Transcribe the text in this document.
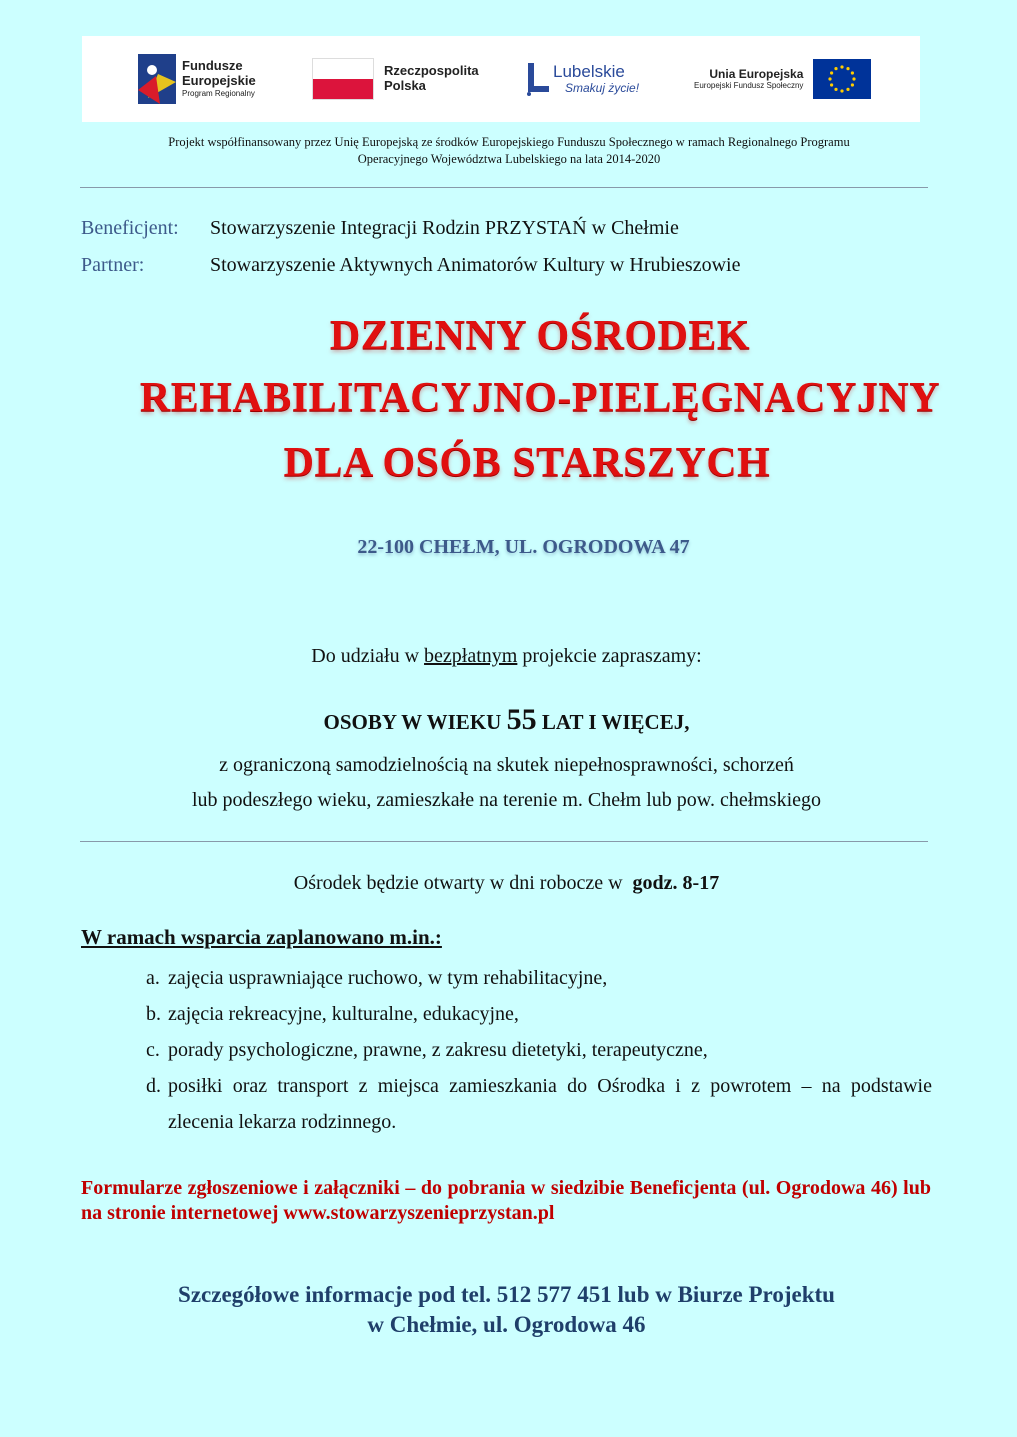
Fundusze
Europejskie
Program Regionalny
Rzeczpospolita
Polska
Lubelskie
Smakuj życie!
Unia Europejska
Europejski Fundusz Społeczny
Projekt współfinansowany przez Unię Europejską ze środków Europejskiego Funduszu Społecznego w ramach Regionalnego Programu
Operacyjnego Województwa Lubelskiego na lata 2014-2020
Beneficjent: Stowarzyszenie Integracji Rodzin PRZYSTAŃ w Chełmie
Partner:	Stowarzyszenie Aktywnych Animatorów Kultury w Hrubieszowie
DZIENNY OŚRODEK
REHABILITACYJNO-PIELĘGNACYJNY
DLA OSÓB STARSZYCH
22-100 CHEŁM, UL. OGRODOWA 47
Do udziału w bezpłatnym projekcie zapraszamy:
OSOBY W WIEKU 55 LAT I WIĘCEJ,
z ograniczoną samodzielnością na skutek niepełnosprawności, schorzeń
lub podeszłego wieku, zamieszkałe na terenie m. Chełm lub pow. chełmskiego
Ośrodek będzie otwarty w dni robocze w godz. 8-17
W ramach wsparcia zaplanowano m.in.:
a. zajęcia usprawniające ruchowo, w tym rehabilitacyjne,
b. zajęcia rekreacyjne, kulturalne, edukacyjne,
c. porady psychologiczne, prawne, z zakresu dietetyki, terapeutyczne,
d. posiłki oraz transport z miejsca zamieszkania do Ośrodka i z powrotem – na podstawie zlecenia lekarza rodzinnego.
Formularze zgłoszeniowe i załączniki – do pobrania w siedzibie Beneficjenta (ul. Ogrodowa 46) lub na stronie internetowej www.stowarzyszenieprzystan.pl
Szczegółowe informacje pod tel. 512 577 451 lub w Biurze Projektu
w Chełmie, ul. Ogrodowa 46
